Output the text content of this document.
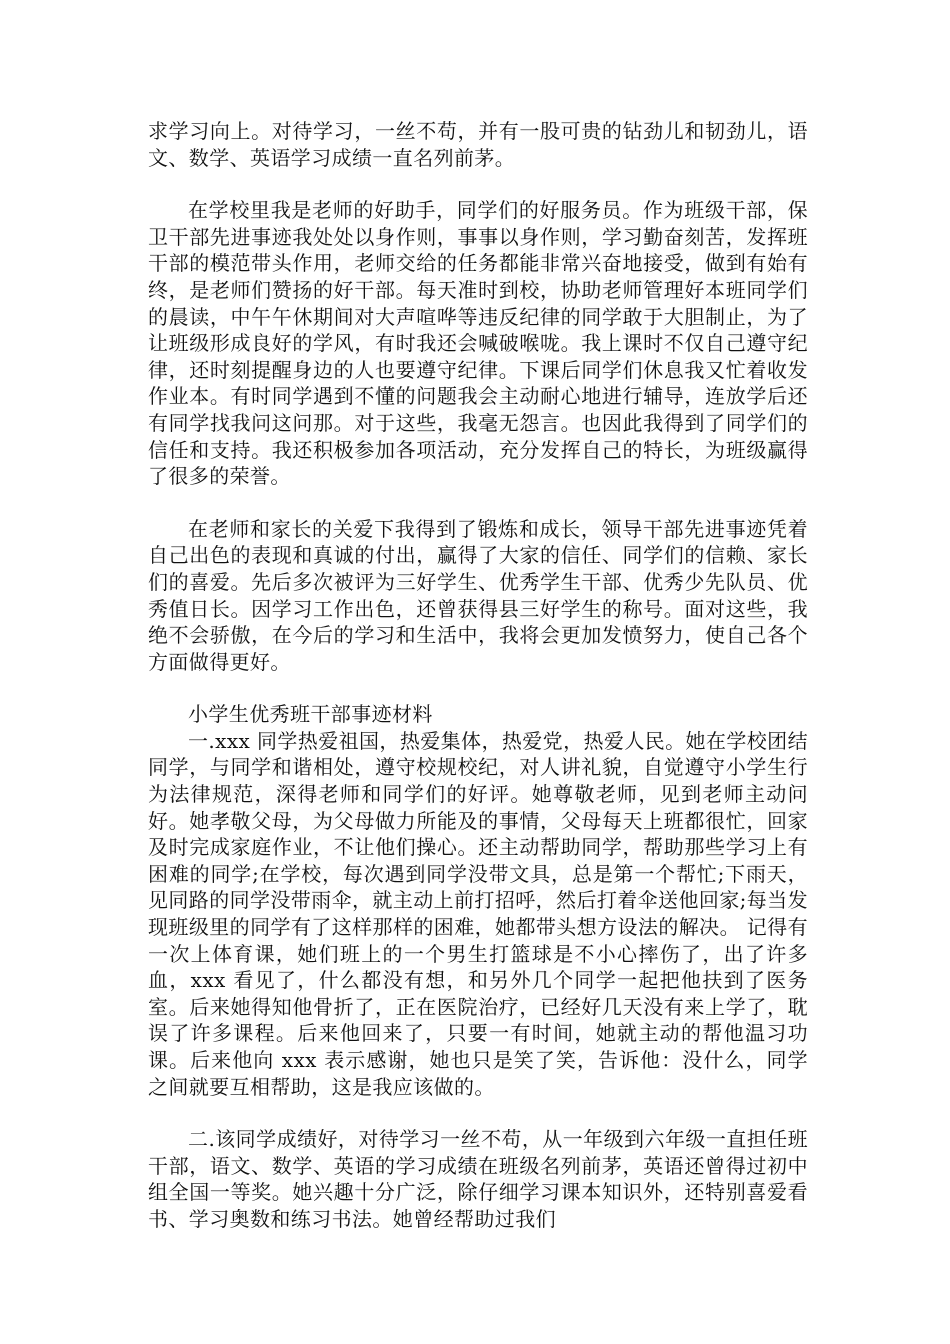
求学习向上。对待学习，一丝不苟，并有一股可贵的钻劲儿和韧劲儿，语文、数学、英语学习成绩一直名列前茅。

在学校里我是老师的好助手，同学们的好服务员。作为班级干部，保卫干部先进事迹我处处以身作则，事事以身作则，学习勤奋刻苦，发挥班干部的模范带头作用，老师交给的任务都能非常兴奋地接受，做到有始有终，是老师们赞扬的好干部。每天准时到校，协助老师管理好本班同学们的晨读，中午午休期间对大声喧哗等违反纪律的同学敢于大胆制止，为了让班级形成良好的学风，有时我还会喊破喉咙。我上课时不仅自己遵守纪律，还时刻提醒身边的人也要遵守纪律。下课后同学们休息我又忙着收发作业本。有时同学遇到不懂的问题我会主动耐心地进行辅导，连放学后还有同学找我问这问那。对于这些，我毫无怨言。也因此我得到了同学们的信任和支持。我还积极参加各项活动，充分发挥自己的特长，为班级赢得了很多的荣誉。

在老师和家长的关爱下我得到了锻炼和成长，领导干部先进事迹凭着自己出色的表现和真诚的付出，赢得了大家的信任、同学们的信赖、家长们的喜爱。先后多次被评为三好学生、优秀学生干部、优秀少先队员、优秀值日长。因学习工作出色，还曾获得县三好学生的称号。面对这些，我绝不会骄傲，在今后的学习和生活中，我将会更加发愤努力，使自己各个方面做得更好。

小学生优秀班干部事迹材料

一.xxx 同学热爱祖国，热爱集体，热爱党，热爱人民。她在学校团结同学，与同学和谐相处，遵守校规校纪，对人讲礼貌，自觉遵守小学生行为法律规范，深得老师和同学们的好评。她尊敬老师，见到老师主动问好。她孝敬父母，为父母做力所能及的事情，父母每天上班都很忙，回家及时完成家庭作业，不让他们操心。还主动帮助同学，帮助那些学习上有困难的同学;在学校，每次遇到同学没带文具，总是第一个帮忙;下雨天，见同路的同学没带雨伞，就主动上前打招呼，然后打着伞送他回家;每当发现班级里的同学有了这样那样的困难，她都带头想方设法的解决。 记得有一次上体育课，她们班上的一个男生打篮球是不小心摔伤了，出了许多血，xxx 看见了，什么都没有想，和另外几个同学一起把他扶到了医务室。后来她得知他骨折了，正在医院治疗，已经好几天没有来上学了，耽误了许多课程。后来他回来了，只要一有时间，她就主动的帮他温习功课。后来他向 xxx 表示感谢，她也只是笑了笑，告诉他：没什么，同学之间就要互相帮助，这是我应该做的。

二.该同学成绩好，对待学习一丝不苟，从一年级到六年级一直担任班干部，语文、数学、英语的学习成绩在班级名列前茅，英语还曾得过初中组全国一等奖。她兴趣十分广泛，除仔细学习课本知识外，还特别喜爱看书、学习奥数和练习书法。她曾经帮助过我们
